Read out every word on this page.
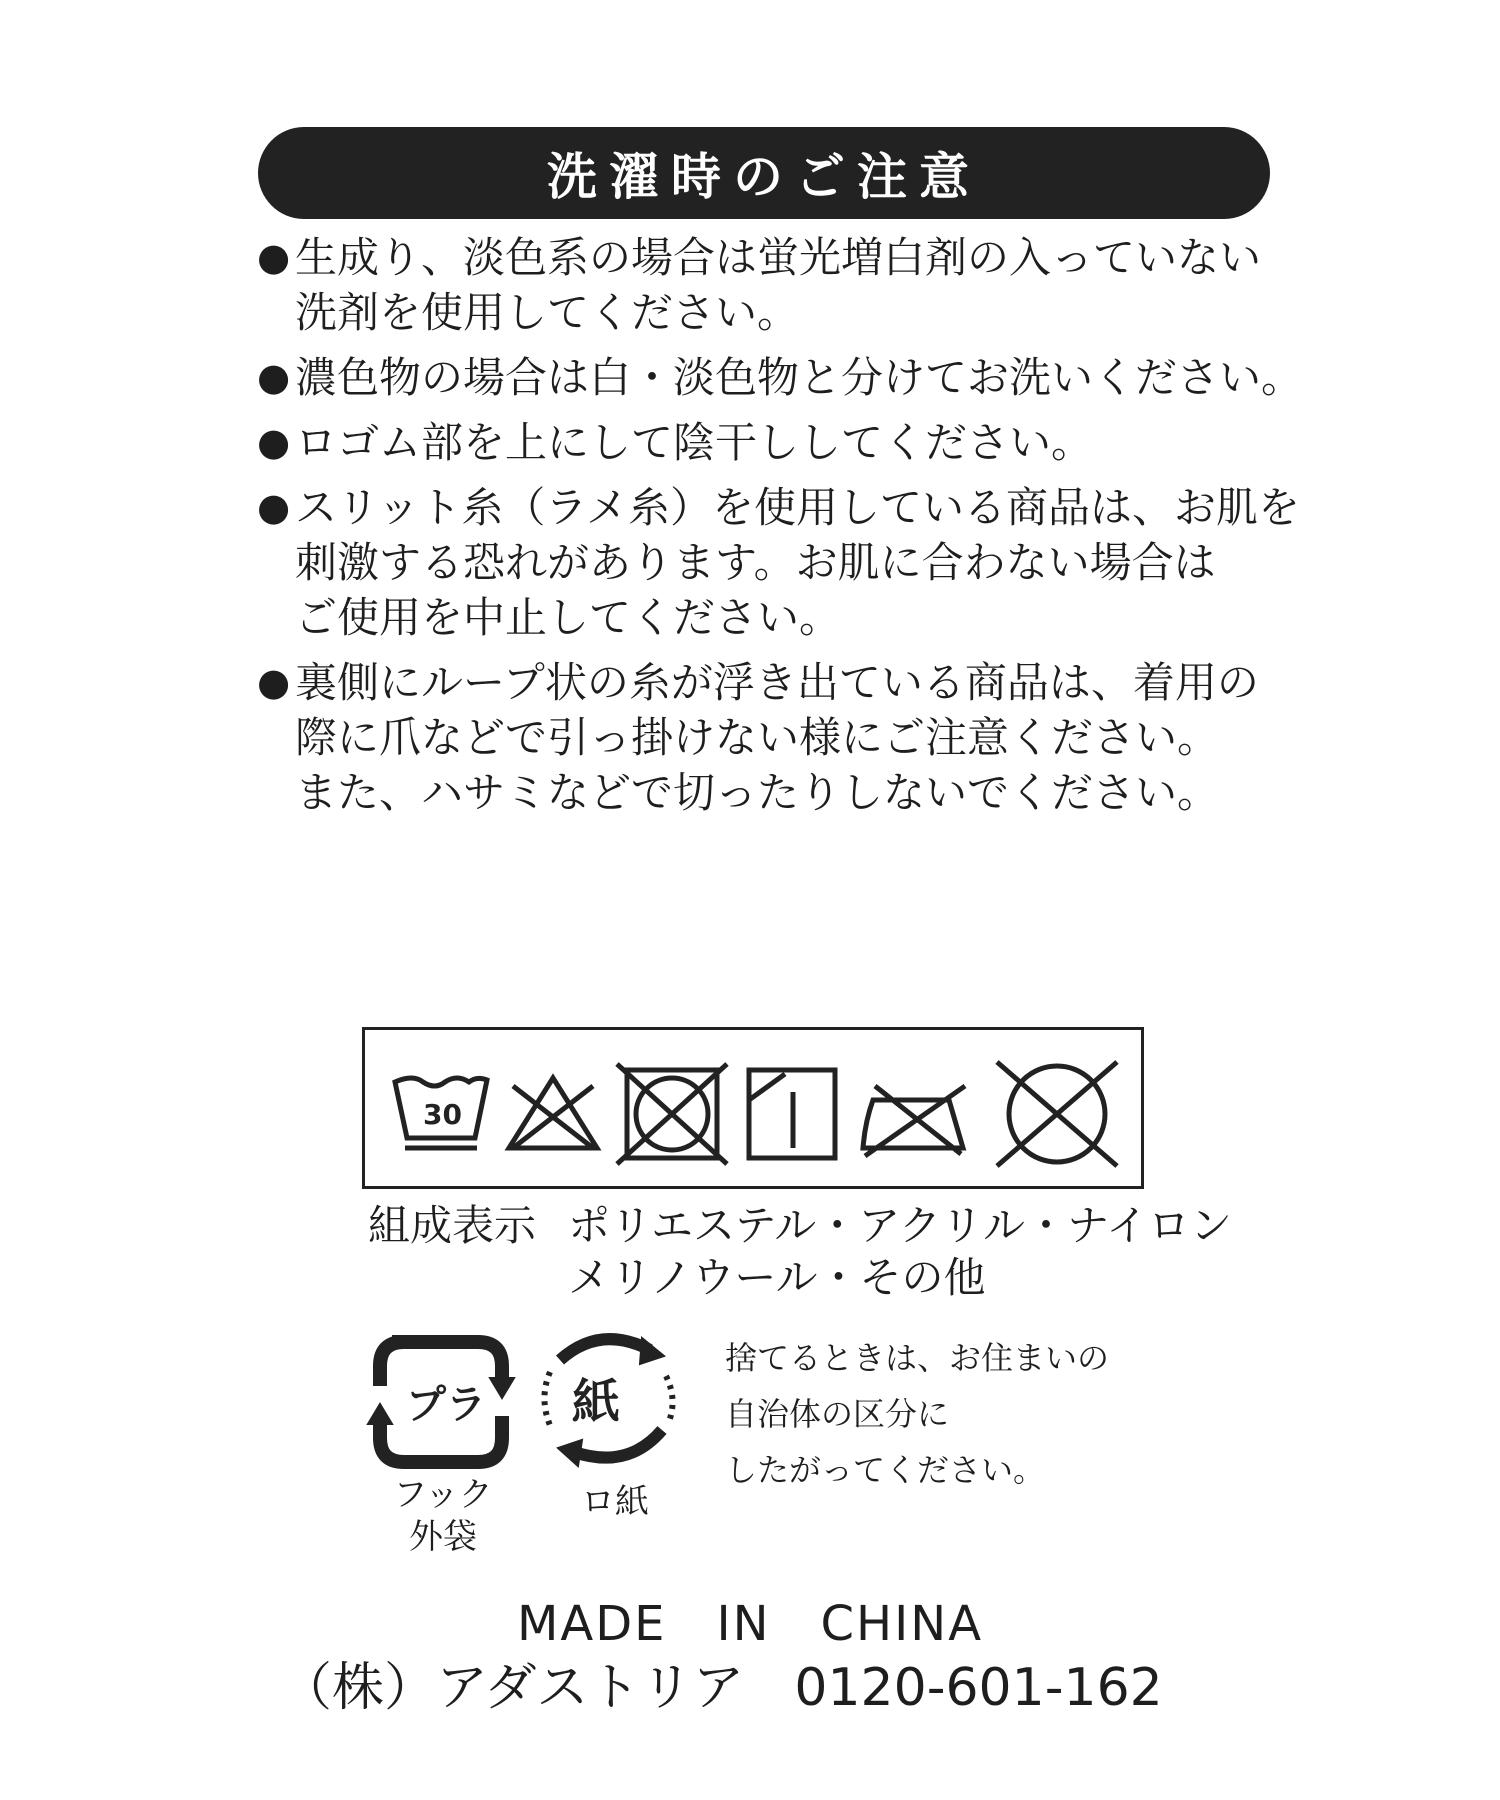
洗濯時のご注意
● 生成り、淡色系の場合は蛍光増白剤の入っていない
洗剤を使用してください。
● 濃色物の場合は白・淡色物と分けてお洗いください。
● ロゴム部を上にして陰干ししてください。
● スリット糸（ラメ糸）を使用している商品は、お肌を
刺激する恐れがあります。お肌に合わない場合は
ご使用を中止してください。
● 裏側にループ状の糸が浮き出ている商品は、着用の
際に爪などで引っ掛けない様にご注意ください。
また、ハサミなどで切ったりしないでください。
30
組成表示 ポリエステル・アクリル・ナイロン
メリノウール・その他
プラ 紙
フック
外袋
ロ紙
捨てるときは、お住まいの
自治体の区分に
したがってください。
MADE　IN　CHINA
（株）アダストリア 0120-601-162
